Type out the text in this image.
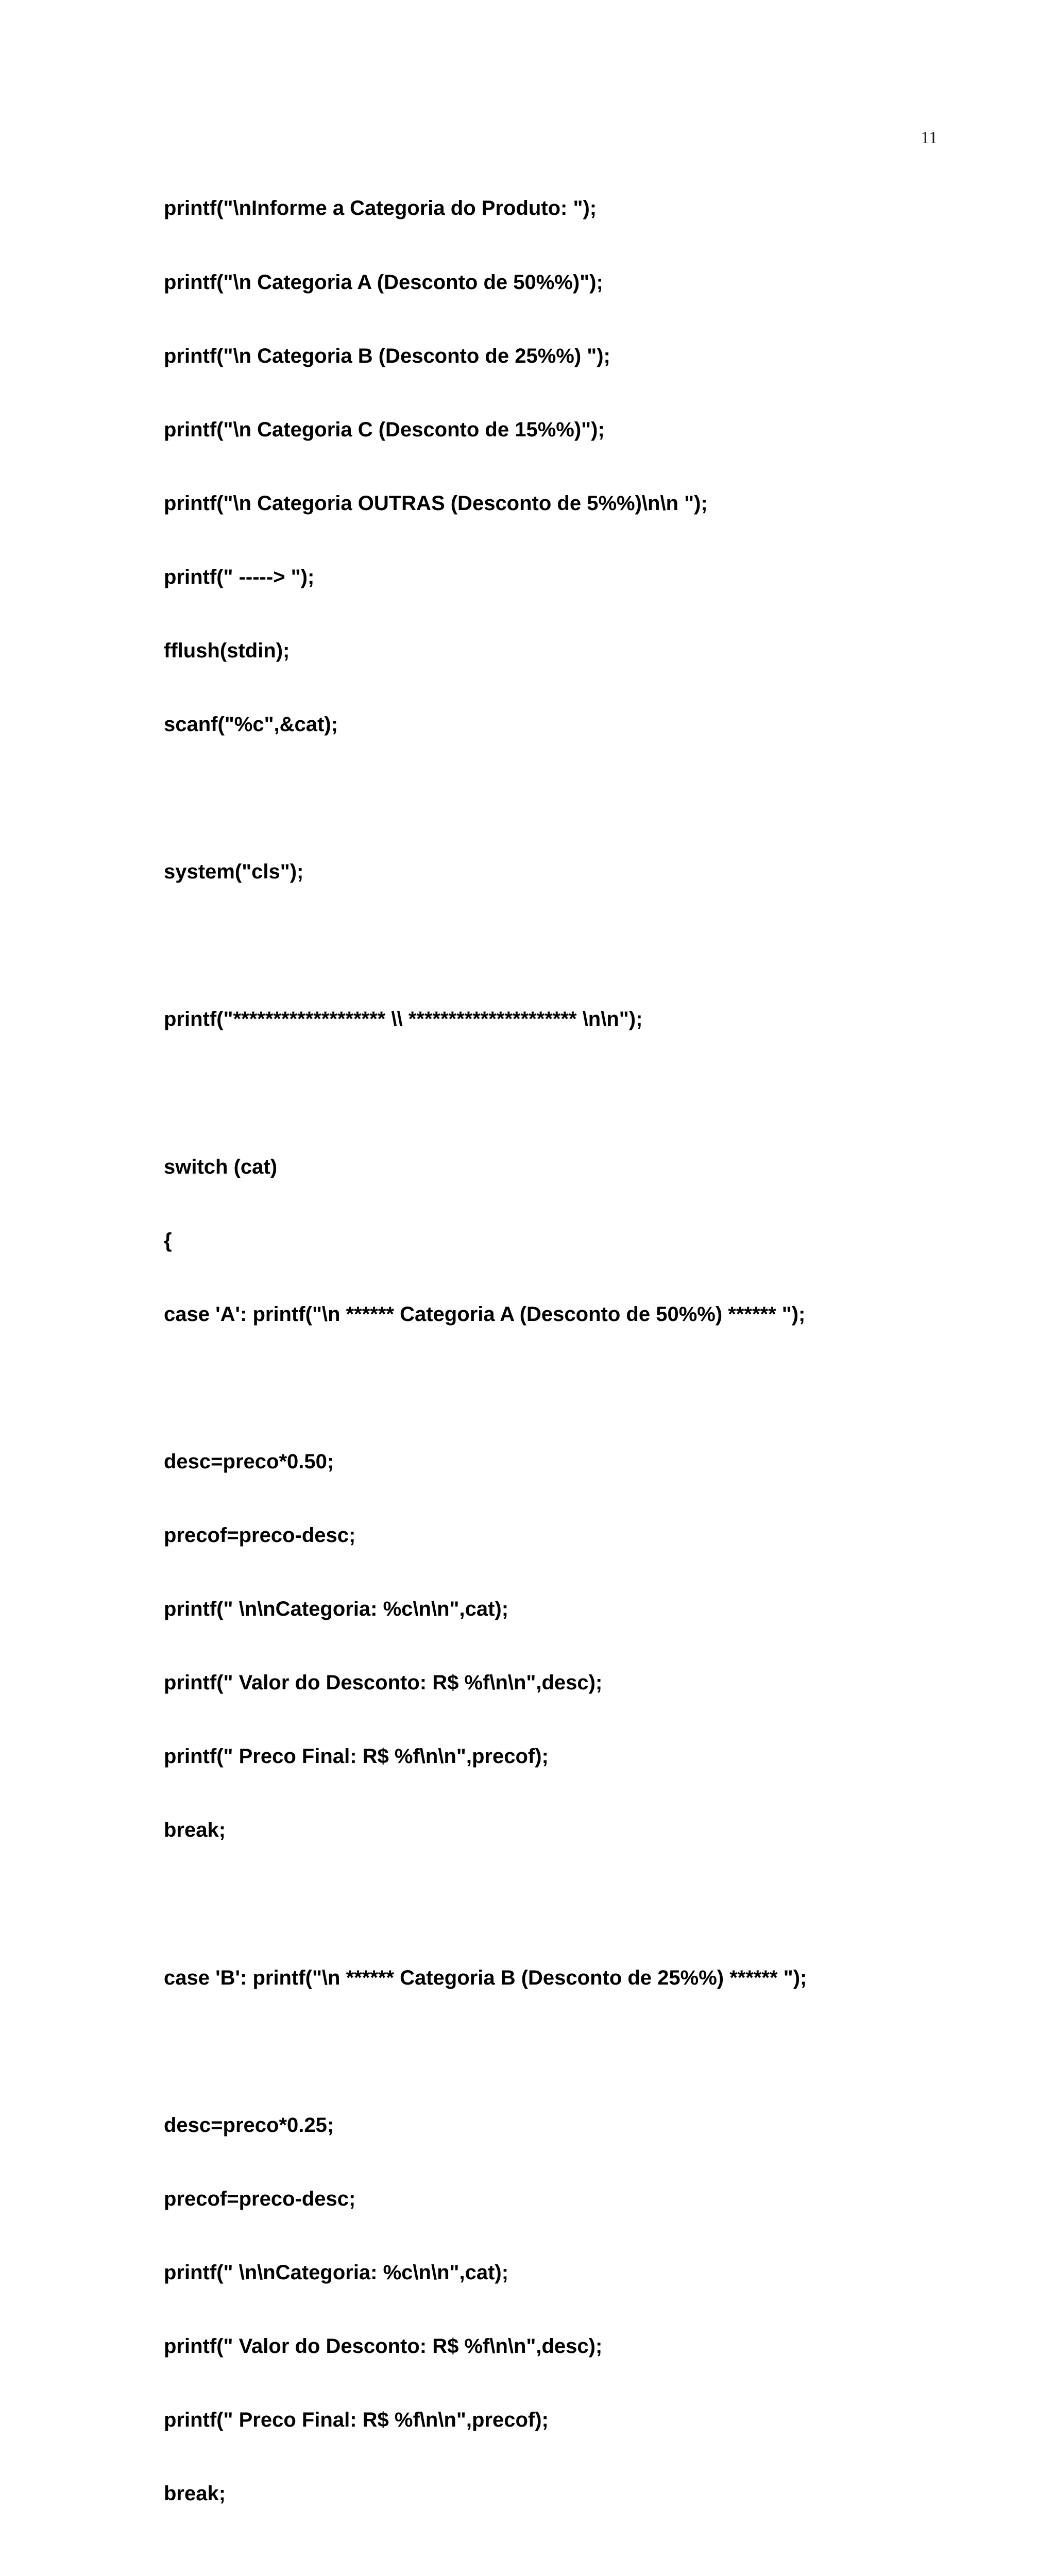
11

printf("\nInforme a Categoria do Produto: ");

printf("\n Categoria A (Desconto de 50%%)");

printf("\n Categoria B (Desconto de 25%%) ");

printf("\n Categoria C (Desconto de 15%%)");

printf("\n Categoria OUTRAS (Desconto de 5%%)\n\n ");

printf(" -----> ");

fflush(stdin);

scanf("%c",&cat);

system("cls");

printf("******************* \\ ********************* \n\n");

switch (cat)

{

case 'A': printf("\n ****** Categoria A (Desconto de 50%%) ****** ");

desc=preco*0.50;

precof=preco-desc;

printf(" \n\nCategoria: %c\n\n",cat);

printf(" Valor do Desconto: R$ %f\n\n",desc);

printf(" Preco Final: R$ %f\n\n",precof);

break;

case 'B': printf("\n ****** Categoria B (Desconto de 25%%) ****** ");

desc=preco*0.25;

precof=preco-desc;

printf(" \n\nCategoria: %c\n\n",cat);

printf(" Valor do Desconto: R$ %f\n\n",desc);

printf(" Preco Final: R$ %f\n\n",precof);

break;
